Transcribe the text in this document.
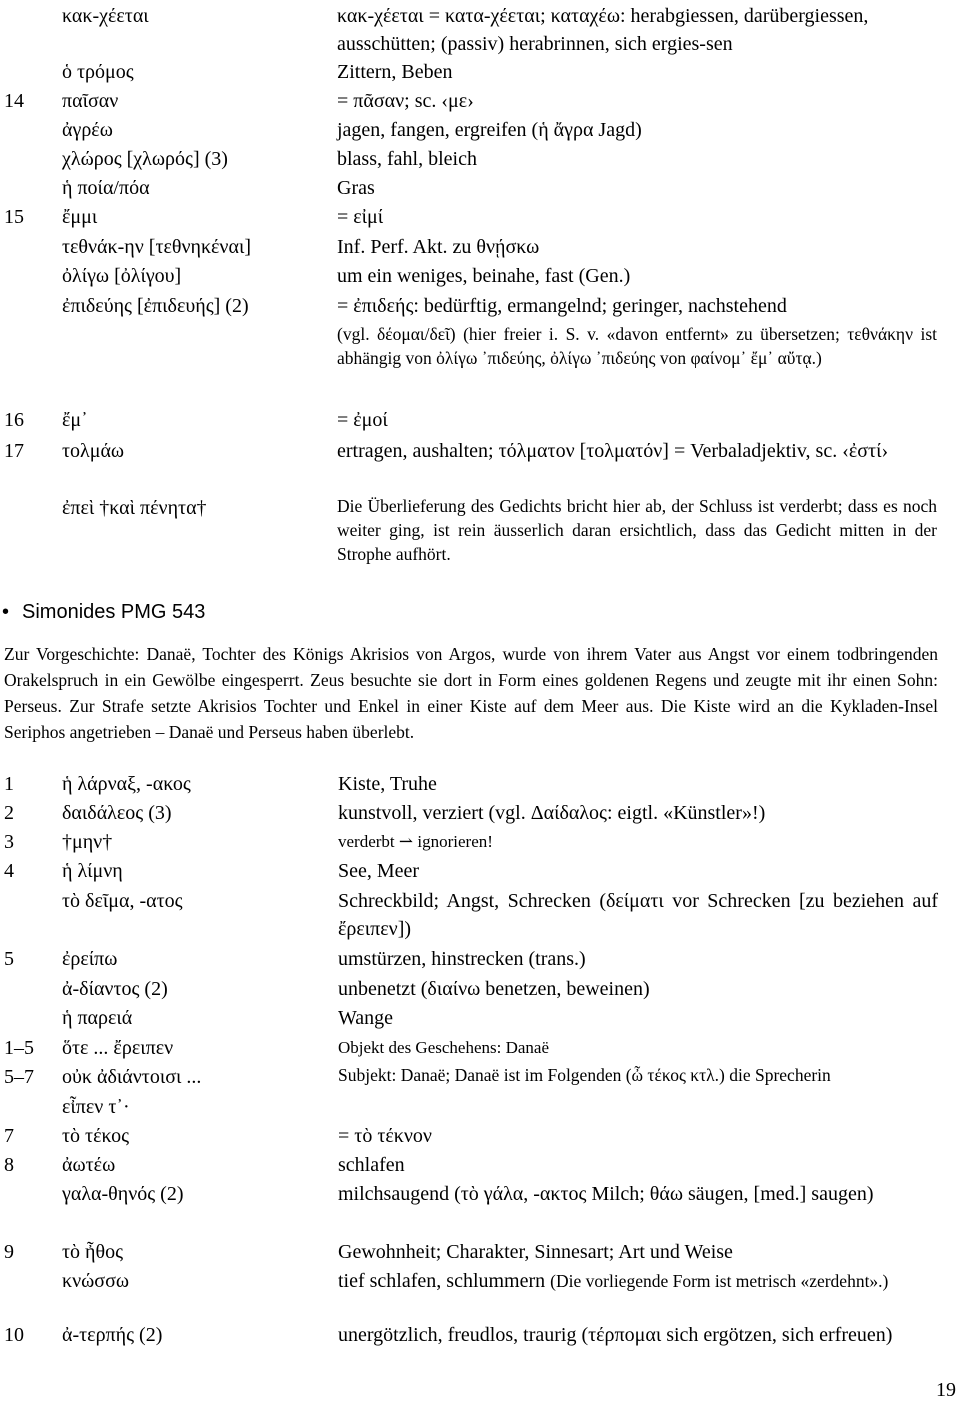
κακ-χέεται	κακ-χέεται = κατα-χέεται; καταχέω: herabgiessen, darübergiessen, ausschütten; (passiv) herabrinnen, sich ergies-sen
ὁ τρόμος	Zittern, Beben
14 παῖσαν	= πᾶσαν; sc. ‹με›
ἀγρέω	jagen, fangen, ergreifen (ἡ ἄγρα Jagd)
χλώρος [χλωρός] (3)	blass, fahl, bleich
ἡ ποία/πόα	Gras
15 ἔμμι	= εἰμί
τεθνάκ-ην [τεθνηκέναι]	Inf. Perf. Akt. zu θνῄσκω
ὀλίγω [ὀλίγου]	um ein weniges, beinahe, fast (Gen.)
ἐπιδεύης [ἐπιδευής] (2)	= ἐπιδεής: bedürftig, ermangelnd; geringer, nachstehend
(vgl. δέομαι/δεῖ) (hier freier i. S. v. «davon entfernt» zu übersetzen; τεθνάκην ist abhängig von ὀλίγω ᾽πιδεύης, ὀλίγω ᾽πιδεύης von φαίνομ᾽ ἔμ᾽ αὔτᾳ.)
16 ἔμ᾽	= ἐμοί
17 τολμάω	ertragen, aushalten; τόλματον [τολματόν] = Verbaladjektiv, sc. ‹ἐστί›
ἐπεὶ †καὶ πένητα†	Die Überlieferung des Gedichts bricht hier ab, der Schluss ist verderbt; dass es noch weiter ging, ist rein äusserlich daran ersichtlich, dass das Gedicht mitten in der Strophe aufhört.
• Simonides PMG 543
Zur Vorgeschichte: Danaë, Tochter des Königs Akrisios von Argos, wurde von ihrem Vater aus Angst vor einem todbringenden Orakelspruch in ein Gewölbe eingesperrt. Zeus besuchte sie dort in Form eines goldenen Regens und zeugte mit ihr einen Sohn: Perseus. Zur Strafe setzte Akrisios Tochter und Enkel in einer Kiste auf dem Meer aus. Die Kiste wird an die Kykladen-Insel Seriphos angetrieben – Danaë und Perseus haben überlebt.
1 ἡ λάρναξ, -ακος	Kiste, Truhe
2 δαιδάλεος (3)	kunstvoll, verziert (vgl. Δαίδαλος: eigtl. «Künstler»!)
3 †μην†	verderbt ⇀ ignorieren!
4 ἡ λίμνη	See, Meer
τὸ δεῖμα, -ατος	Schreckbild; Angst, Schrecken (δείματι vor Schrecken [zu beziehen auf ἔρειπεν])
5 ἐρείπω	umstürzen, hinstrecken (trans.)
ἀ-δίαντος (2)	unbenetzt (διαίνω benetzen, beweinen)
ἡ παρειά	Wange
1–5 ὅτε ... ἔρειπεν	Objekt des Geschehens: Danaë
5–7 οὐκ ἀδιάντοισι ...	Subjekt: Danaë; Danaë ist im Folgenden (ὦ τέκος κτλ.) die Sprecherin
εἶπεν τ᾽·
7 τὸ τέκος	= τὸ τέκνον
8 ἀωτέω	schlafen
γαλα-θηνός (2)	milchsaugend (τὸ γάλα, -ακτος Milch; θάω säugen, [med.] saugen)
9 τὸ ἦθος	Gewohnheit; Charakter, Sinnesart; Art und Weise
κνώσσω	tief schlafen, schlummern (Die vorliegende Form ist metrisch «zerdehnt».)
10 ἀ-τερπής (2)	unergötzlich, freudlos, traurig (τέρπομαι sich ergötzen, sich erfreuen)
19
